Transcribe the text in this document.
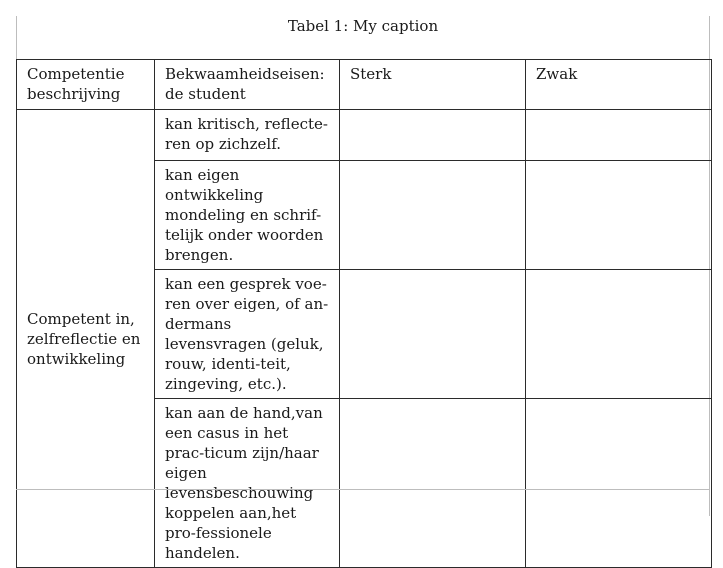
Tabel 1: My caption
Competentie beschrijving	Bekwaamheidseisen: de student	Sterk	Zwak
Competent in, zelfreflectie en ontwikkeling	kan kritisch, reflecte-ren op zichzelf.		
	kan eigen ontwikkeling mondeling en schrif-telijk onder woorden brengen.		
	kan een gesprek voe-ren over eigen, of an-dermans levensvragen (geluk, rouw, identi-teit, zingeving, etc.).		
	kan aan de hand,van een casus in het prac-ticum zijn/haar eigen levensbeschouwing koppelen aan,het pro-fessionele handelen.		
